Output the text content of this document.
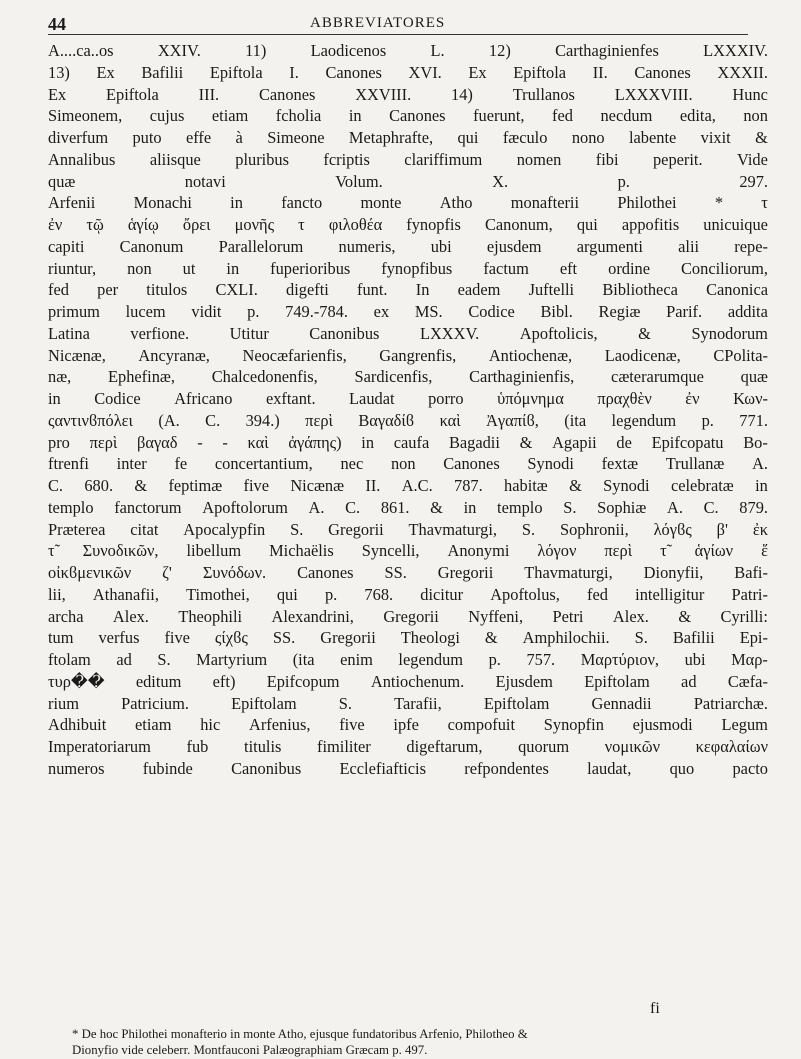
44	ABBREVIATORES
A....ca..os	XXIV.	11)	Laodicenos	L.	12)	Carthaginienfes	LXXXIV.
13) Ex Bafilii Epiftola I. Canones XVI. Ex Epiftola II. Canones XXXII.
Ex Epiftola III. Canones XXVIII. 14) Trullanos LXXXVIII. Hunc
Simeonem, cujus etiam fcholia in Canones fuerunt, fed necdum edita, non
diverfum puto effe à Simeone Metaphrafte, qui fæculo nono labente vixit &
Annalibus aliisque pluribus fcriptis clariffimum nomen fibi peperit. Vide
quæ	notavi	Volum.	X.	p.	297.
Arfenii Monachi in fancto monte Atho monafterii Philothei * τ
ἐν τῷ ἁγίῳ ὄρει μονῆς τ φιλοθέα fynopfis Canonum, qui appofitis unicuique
capiti Canonum Parallelorum numeris, ubi ejusdem argumenti alii repe-
riuntur, non ut in fuperioribus fynopfibus factum eft ordine Conciliorum,
fed per titulos CXLI. digefti funt. In eadem Juftelli Bibliotheca Canonica
primum lucem vidit p. 749.-784. ex MS. Codice Bibl. Regiæ Parif. addita
Latina verfione. Utitur Canonibus LXXXV. Apoftolicis, & Synodorum
Nicænæ, Ancyranæ, Neocæfarienfis, Gangrenfis, Antiochenæ, Laodicenæ, CPolita-
næ, Ephefinæ, Chalcedonenfis, Sardicenfis, Carthaginienfis, cæterarumque quæ
in Codice Africano exftant. Laudat porro ὑπόμνημα πραχθὲν ἐν Κων-
ςαντινϐπόλει (A. C. 394.) περὶ Βαγαδίϐ καὶ Ἀγαπίϐ, (ita legendum p. 771.
pro περὶ βαγαδ - - καὶ ἀγάπης) in caufa Bagadii & Agapii de Epifcopatu Bo-
ftrenfi inter fe concertantium, nec non Canones Synodi fextæ Trullanæ A.
C. 680. & feptimæ five Nicænæ II. A.C. 787. habitæ & Synodi celebratæ in
templo fanctorum Apoftolorum A. C. 861. & in templo S. Sophiæ A. C. 879.
Præterea citat Apocalypfin S. Gregorii Thavmaturgi, S. Sophronii, λόγϐς β' ἐκ
τ̃ Συνοδικῶν, libellum Michaëlis Syncelli, Anonymi λόγον περὶ τ̃ ἁγίων ἕ
οἰκϐμενικῶν ζ' Συνόδων. Canones SS. Gregorii Thavmaturgi, Dionyfii, Bafi-
lii, Athanafii, Timothei, qui p. 768. dicitur Apoftolus, fed intelligitur Patri-
archa Alex. Theophili Alexandrini, Gregorii Nyffeni, Petri Alex. & Cyrilli:
tum verfus five ςίχϐς SS. Gregorii Theologi & Amphilochii. S. Bafilii Epi-
ftolam ad S. Martyrium (ita enim legendum p. 757. Μαρτύριον, ubi Μαρ-
τυρ�� editum eft) Epifcopum Antiochenum. Ejusdem Epiftolam ad Cæfa-
rium	Patricium.	Epiftolam	S.	Tarafii,	Epiftolam	Gennadii	Patriarchæ.
Adhibuit etiam hic Arfenius, five ipfe compofuit Synopfin ejusmodi Legum
Imperatoriarum fub titulis fimiliter digeftarum, quorum νομικῶν κεφαλαίων
numeros fubinde Canonibus Ecclefiafticis refpondentes laudat, quo pacto
fi
* De hoc Philothei monafterio in monte Atho, ejusque fundatoribus Arfenio, Philotheo &
Dionyfio vide celeberr. Montfauconi Palæographiam Græcam p. 497.
